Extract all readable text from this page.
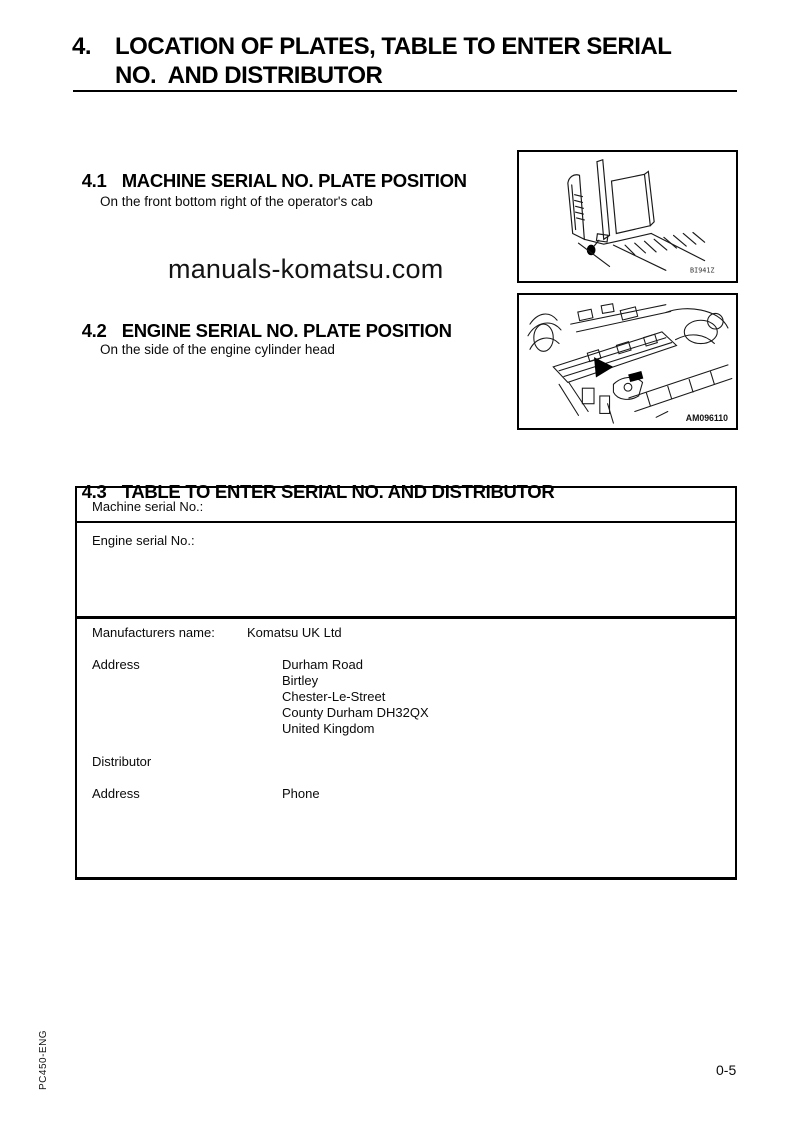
4. LOCATION OF PLATES, TABLE TO ENTER SERIAL
NO.  AND DISTRIBUTOR

4.1 MACHINE SERIAL NO. PLATE POSITION

On the front bottom right of the operator's cab
manuals-komatsu.com

4.2 ENGINE SERIAL NO. PLATE POSITION

On the side of the engine cylinder head
BI941Z
AM096110

4.3 TABLE TO ENTER SERIAL NO. AND DISTRIBUTOR

Machine serial No.:
Engine serial No.:
Manufacturers name: Komatsu UK Ltd
Address	Durham Road
Birtley
Chester-Le-Street
County Durham DH32QX
United Kingdom
Distributor
Address	Phone
PC450-ENG	0-5
